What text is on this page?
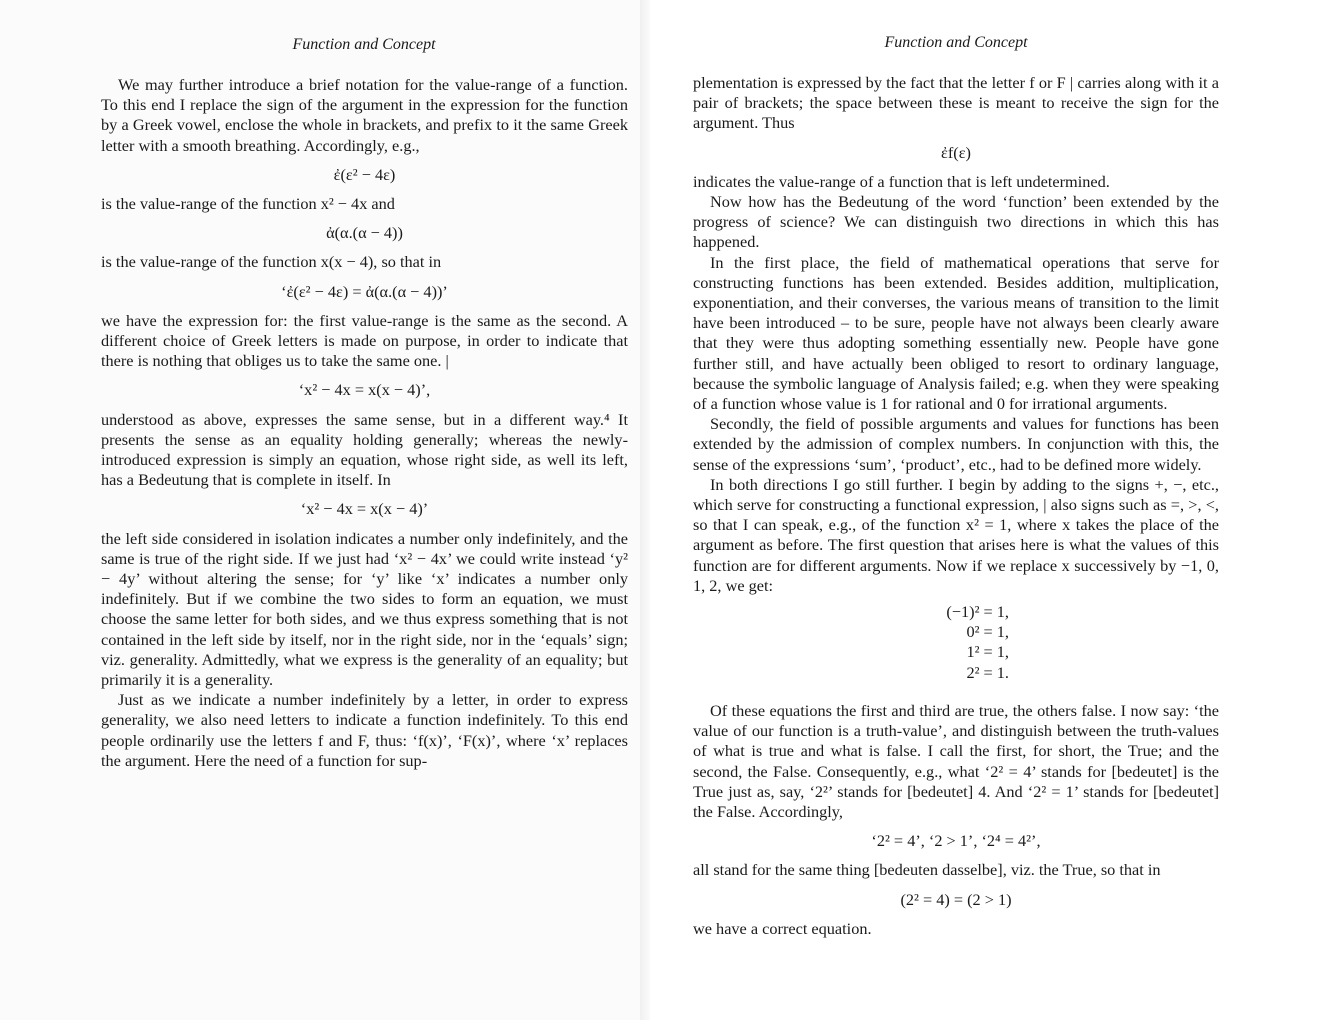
Function and Concept

We may further introduce a brief notation for the value-range of a function. To this end I replace the sign of the argument in the expression for the function by a Greek vowel, enclose the whole in brackets, and prefix to it the same Greek letter with a smooth breathing. Accordingly, e.g.,

ἐ(ε² − 4ε)

is the value-range of the function x² − 4x and

ἀ(α.(α − 4))

is the value-range of the function x(x − 4), so that in

‘ἐ(ε² − 4ε) = ἀ(α.(α − 4))’

we have the expression for: the first value-range is the same as the second. A different choice of Greek letters is made on purpose, in order to indicate that there is nothing that obliges us to take the same one. |

‘x² − 4x = x(x − 4)’,

understood as above, expresses the same sense, but in a different way.⁴ It presents the sense as an equality holding generally; whereas the newly-introduced expression is simply an equation, whose right side, as well its left, has a Bedeutung that is complete in itself. In

‘x² − 4x = x(x − 4)’

the left side considered in isolation indicates a number only indefinitely, and the same is true of the right side. If we just had ‘x² − 4x’ we could write instead ‘y² − 4y’ without altering the sense; for ‘y’ like ‘x’ indicates a number only indefinitely. But if we combine the two sides to form an equation, we must choose the same letter for both sides, and we thus express something that is not contained in the left side by itself, nor in the right side, nor in the ‘equals’ sign; viz. generality. Admittedly, what we express is the generality of an equality; but primarily it is a generality.

Just as we indicate a number indefinitely by a letter, in order to express generality, we also need letters to indicate a function indefinitely. To this end people ordinarily use the letters f and F, thus: ‘f(x)’, ‘F(x)’, where ‘x’ replaces the argument. Here the need of a function for sup-

Function and Concept

plementation is expressed by the fact that the letter f or F | carries along with it a pair of brackets; the space between these is meant to receive the sign for the argument. Thus

ἐf(ε)

indicates the value-range of a function that is left undetermined.

Now how has the Bedeutung of the word ‘function’ been extended by the progress of science? We can distinguish two directions in which this has happened.

In the first place, the field of mathematical operations that serve for constructing functions has been extended. Besides addition, multiplication, exponentiation, and their converses, the various means of transition to the limit have been introduced – to be sure, people have not always been clearly aware that they were thus adopting something essentially new. People have gone further still, and have actually been obliged to resort to ordinary language, because the symbolic language of Analysis failed; e.g. when they were speaking of a function whose value is 1 for rational and 0 for irrational arguments.

Secondly, the field of possible arguments and values for functions has been extended by the admission of complex numbers. In conjunction with this, the sense of the expressions ‘sum’, ‘product’, etc., had to be defined more widely.

In both directions I go still further. I begin by adding to the signs +, −, etc., which serve for constructing a functional expression, | also signs such as =, >, <, so that I can speak, e.g., of the function x² = 1, where x takes the place of the argument as before. The first question that arises here is what the values of this function are for different arguments. Now if we replace x successively by −1, 0, 1, 2, we get:

(−1)² = 1,
0² = 1,
1² = 1,
2² = 1.

Of these equations the first and third are true, the others false. I now say: ‘the value of our function is a truth-value’, and distinguish between the truth-values of what is true and what is false. I call the first, for short, the True; and the second, the False. Consequently, e.g., what ‘2² = 4’ stands for [bedeutet] is the True just as, say, ‘2²’ stands for [bedeutet] 4. And ‘2² = 1’ stands for [bedeutet] the False. Accordingly,

‘2² = 4’, ‘2 > 1’, ‘2⁴ = 4²’,

all stand for the same thing [bedeuten dasselbe], viz. the True, so that in

(2² = 4) = (2 > 1)

we have a correct equation.
